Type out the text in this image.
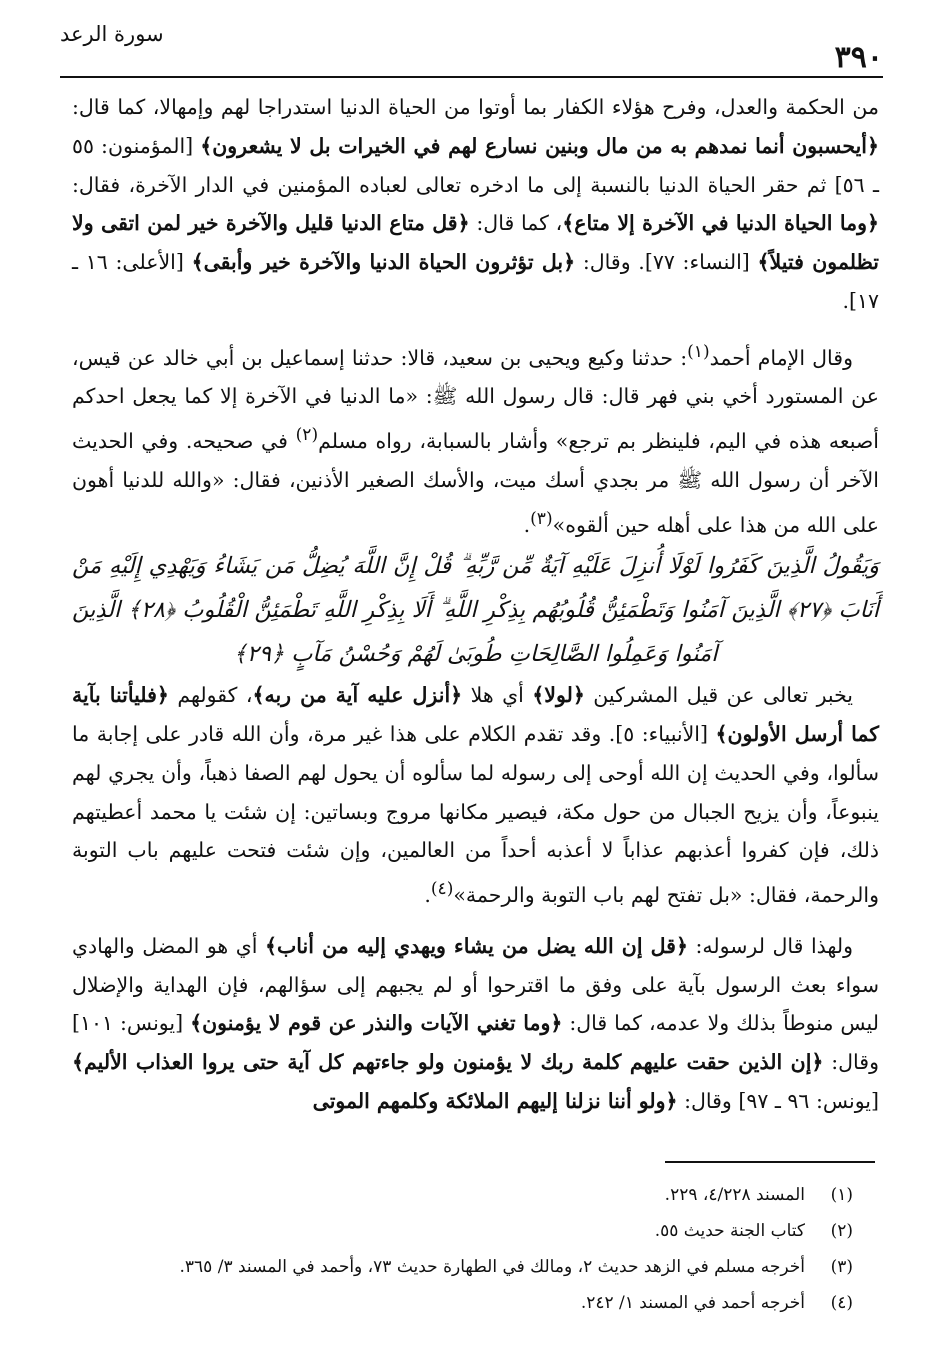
٣٩٠
سورة الرعد

من الحكمة والعدل، وفرح هؤلاء الكفار بما أوتوا من الحياة الدنيا استدراجا لهم وإمهالا، كما قال: ﴿أيحسبون أنما نمدهم به من مال وبنين نسارع لهم في الخيرات بل لا يشعرون﴾ [المؤمنون: ٥٥ ـ ٥٦] ثم حقر الحياة الدنيا بالنسبة إلى ما ادخره تعالى لعباده المؤمنين في الدار الآخرة، فقال: ﴿وما الحياة الدنيا في الآخرة إلا متاع﴾، كما قال: ﴿قل متاع الدنيا قليل والآخرة خير لمن اتقى ولا تظلمون فتيلاً﴾ [النساء: ٧٧]. وقال: ﴿بل تؤثرون الحياة الدنيا والآخرة خير وأبقى﴾ [الأعلى: ١٦ ـ ١٧].

وقال الإمام أحمد$^{(١)}$: حدثنا وكيع ويحيى بن سعيد، قالا: حدثنا إسماعيل بن أبي خالد عن قيس، عن المستورد أخي بني فهر قال: قال رسول الله ﷺ: «ما الدنيا في الآخرة إلا كما يجعل احدكم أصبعه هذه في اليم، فلينظر بم ترجع» وأشار بالسبابة، رواه مسلم$^{(٢)}$ في صحيحه. وفي الحديث الآخر أن رسول الله ﷺ مر بجدي أسك ميت، والأسك الصغير الأذنين، فقال: «والله للدنيا أهون على الله من هذا على أهله حين ألقوه»$^{(٣)}$.

وَيَقُولُ الَّذِينَ كَفَرُوا لَوْلَا أُنزِلَ عَلَيْهِ آيَةٌ مِّن رَّبِّهِ ۗ قُلْ إِنَّ اللَّهَ يُضِلُّ مَن يَشَاءُ وَيَهْدِي إِلَيْهِ مَنْ أَنَابَ ﴿٢٧﴾ الَّذِينَ آمَنُوا وَتَطْمَئِنُّ قُلُوبُهُم بِذِكْرِ اللَّهِ ۗ أَلَا بِذِكْرِ اللَّهِ تَطْمَئِنُّ الْقُلُوبُ ﴿٢٨﴾ الَّذِينَ آمَنُوا وَعَمِلُوا الصَّالِحَاتِ طُوبَىٰ لَهُمْ وَحُسْنُ مَآبٍ ﴿٢٩﴾

يخبر تعالى عن قيل المشركين ﴿لولا﴾ أي هلا ﴿أنزل عليه آية من ربه﴾، كقولهم ﴿فليأتنا بآية كما أرسل الأولون﴾ [الأنبياء: ٥]. وقد تقدم الكلام على هذا غير مرة، وأن الله قادر على إجابة ما سألوا، وفي الحديث إن الله أوحى إلى رسوله لما سألوه أن يحول لهم الصفا ذهباً، وأن يجري لهم ينبوعاً، وأن يزيح الجبال من حول مكة، فيصير مكانها مروج وبساتين: إن شئت يا محمد أعطيتهم ذلك، فإن كفروا أعذبهم عذاباً لا أعذبه أحداً من العالمين، وإن شئت فتحت عليهم باب التوبة والرحمة، فقال: «بل تفتح لهم باب التوبة والرحمة»$^{(٤)}$.

ولهذا قال لرسوله: ﴿قل إن الله يضل من يشاء ويهدي إليه من أناب﴾ أي هو المضل والهادي سواء بعث الرسول بآية على وفق ما اقترحوا أو لم يجبهم إلى سؤالهم، فإن الهداية والإضلال ليس منوطاً بذلك ولا عدمه، كما قال: ﴿وما تغني الآيات والنذر عن قوم لا يؤمنون﴾ [يونس: ١٠١] وقال: ﴿إن الذين حقت عليهم كلمة ربك لا يؤمنون ولو جاءتهم كل آية حتى يروا العذاب الأليم﴾ [يونس: ٩٦ ـ ٩٧] وقال: ﴿ولو أننا نزلنا إليهم الملائكة وكلمهم الموتى

(١)
المسند ٤/٢٢٨، ٢٢٩.
(٢)
كتاب الجنة حديث ٥٥.
(٣)
أخرجه مسلم في الزهد حديث ٢، ومالك في الطهارة حديث ٧٣، وأحمد في المسند ٣/ ٣٦٥.
(٤)
أخرجه أحمد في المسند ١/ ٢٤٢.
